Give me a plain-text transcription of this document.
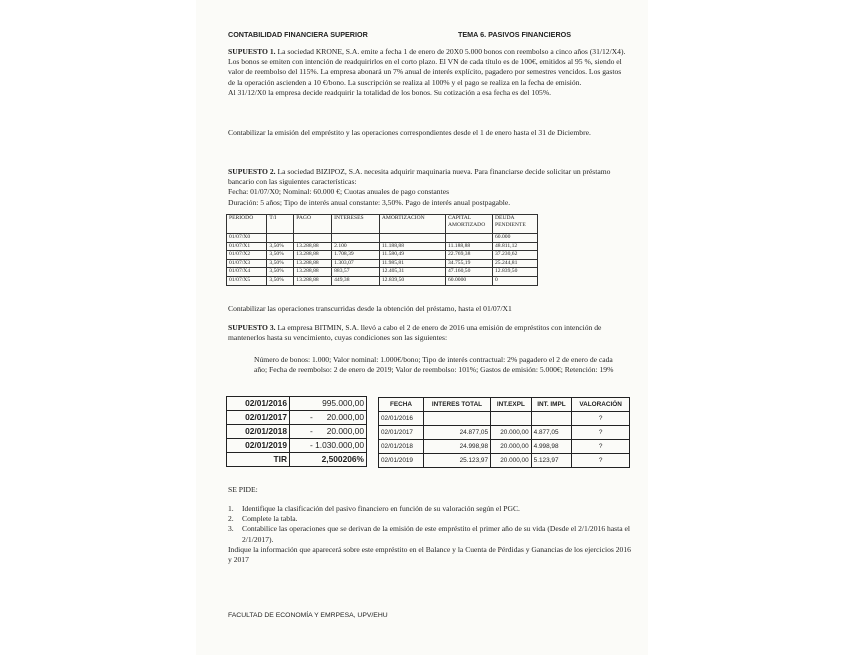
CONTABILIDAD FINANCIERA SUPERIOR	TEMA 6. PASIVOS FINANCIEROS
SUPUESTO 1. La sociedad KRONE, S.A. emite a fecha 1 de enero de 20X0 5.000 bonos con reembolso a cinco años (31/12/X4). Los bonos se emiten con intención de readquirirlos en el corto plazo. El VN de cada título es de 100€, emitidos al 95 %, siendo el valor de reembolso del 115%. La empresa abonará un 7% anual de interés explícito, pagadero por semestres vencidos. Los gastos de la operación ascienden a 10 €/bono. La suscripción se realiza al 100% y el pago se realiza en la fecha de emisión.
Al 31/12/X0 la empresa decide readquirir la totalidad de los bonos. Su cotización a esa fecha es del 105%.
Contabilizar la emisión del empréstito y las operaciones correspondientes desde el 1 de enero hasta el 31 de Diciembre.
SUPUESTO 2. La sociedad BIZIPOZ, S.A. necesita adquirir maquinaria nueva. Para financiarse decide solicitar un préstamo bancario con las siguientes características:
Fecha: 01/07/X0; Nominal: 60.000 €; Cuotas anuales de pago constantes
Duración: 5 años; Tipo de interés anual constante: 3,50%. Pago de interés anual postpagable.
PERIODO	T/I	PAGO	INTERESES	AMORTIZACION	CAPITAL AMORTIZADO	DEUDA PENDIENTE
01/07/X0						60.000
01/07/X1	3,50%	13.288,88	2.100	11.188,88	11.188,88	48.811,12
01/07/X2	3,50%	13.288,88	1.708,39	11.580,49	22.769,38	37.230,62
01/07/X3	3,50%	13.288,88	1.303,07	11.985,81	34.755,19	25.244,81
01/07/X4	3,50%	13.288,88	883,57	12.405,31	47.160,50	12.839,50
01/07/X5	3,50%	13.288,88	449,38	12.839,50	60.0000	0
Contabilizar las operaciones transcurridas desde la obtención del préstamo, hasta el 01/07/X1
SUPUESTO 3. La empresa BITMIN, S.A. llevó a cabo el 2 de enero de 2016 una emisión de empréstitos con intención de mantenerlos hasta su vencimiento, cuyas condiciones son las siguientes:
Número de bonos: 1.000; Valor nominal: 1.000€/bono; Tipo de interés contractual: 2% pagadero el 2 de enero de cada año; Fecha de reembolso: 2 de enero de 2019; Valor de reembolso: 101%; Gastos de emisión: 5.000€; Retención: 19%
02/01/2016	995.000,00
02/01/2017	-      20.000,00
02/01/2018	-      20.000,00
02/01/2019	- 1.030.000,00
TIR	2,500206%
FECHA	INTERES TOTAL	INT.EXPL	INT. IMPL	VALORACIÓN
02/01/2016				?
02/01/2017	24.877,05	20.000,00	4.877,05	?
02/01/2018	24.998,98	20.000,00	4.998,98	?
02/01/2019	25.123,97	20.000,00	5.123,97	?
SE PIDE:
1.	Identifique la clasificación del pasivo financiero en función de su valoración según el PGC.
2.	Complete la tabla.
3.	Contabilice las operaciones que se derivan de la emisión de este empréstito el primer año de su vida (Desde el 2/1/2016 hasta el 2/1/2017).
Indique la información que aparecerá sobre este empréstito en el Balance y la Cuenta de Pérdidas y Ganancias de los ejercicios 2016 y 2017
FACULTAD DE ECONOMÍA Y EMRPESA, UPV/EHU
